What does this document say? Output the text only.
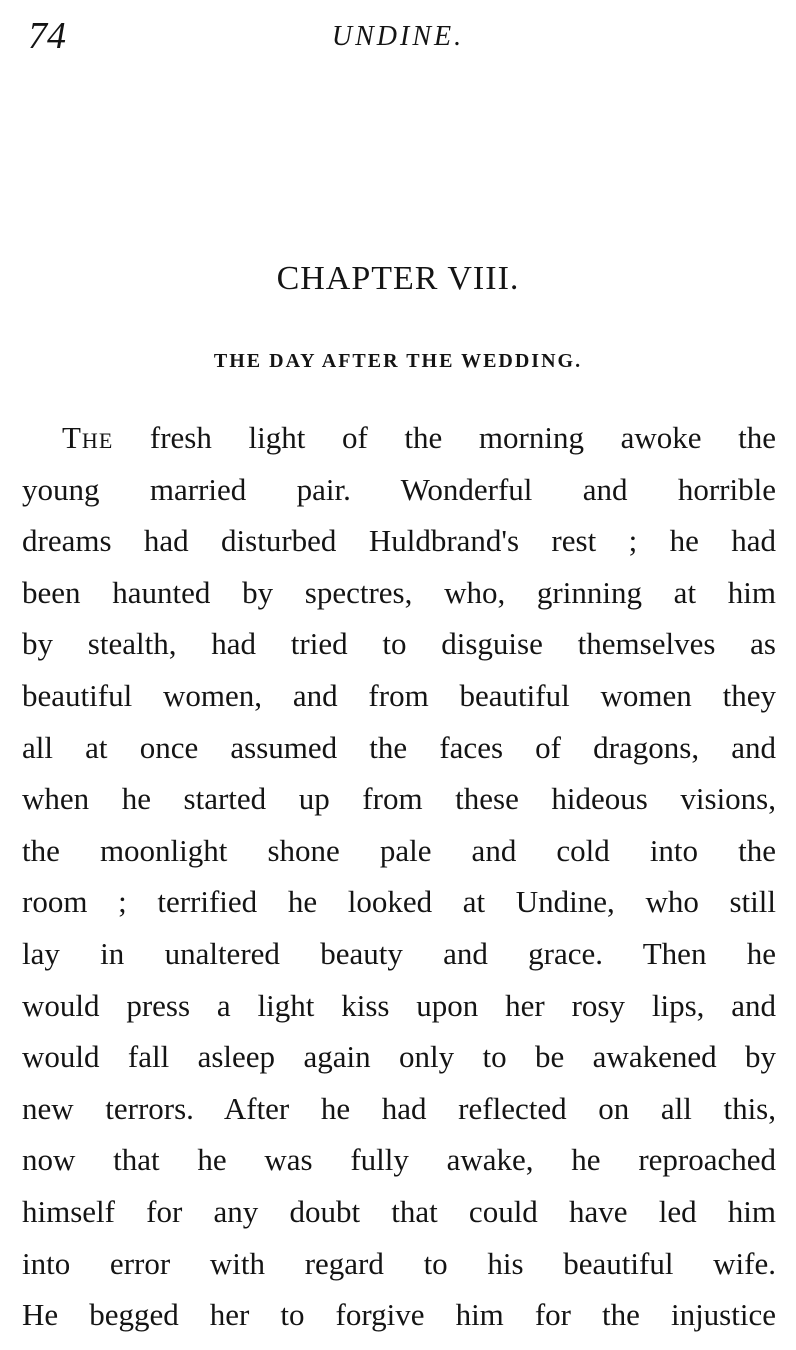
74	UNDINE.
CHAPTER VIII.
THE DAY AFTER THE WEDDING.
The fresh light of the morning awoke the
young married pair. Wonderful and horrible
dreams had disturbed Huldbrand's rest ; he had
been haunted by spectres, who, grinning at him
by stealth, had tried to disguise themselves as
beautiful women, and from beautiful women they
all at once assumed the faces of dragons, and
when he started up from these hideous visions,
the moonlight shone pale and cold into the
room ; terrified he looked at Undine, who still
lay in unaltered beauty and grace. Then he
would press a light kiss upon her rosy lips, and
would fall asleep again only to be awakened by
new terrors. After he had reflected on all this,
now that he was fully awake, he reproached
himself for any doubt that could have led him
into error with regard to his beautiful wife.
He begged her to forgive him for the injustice
